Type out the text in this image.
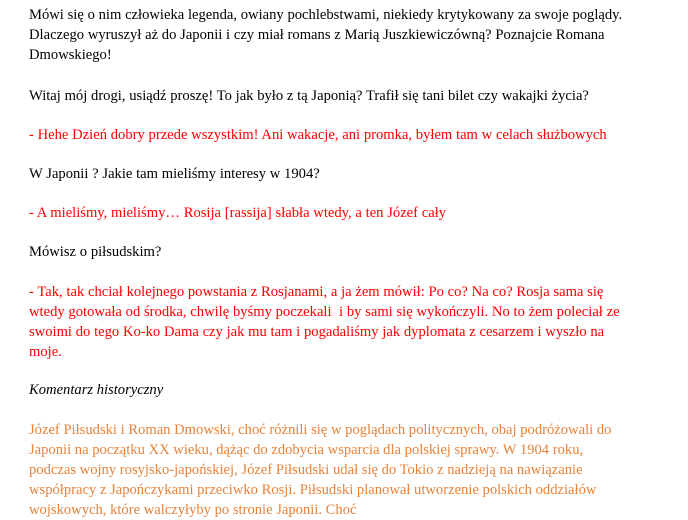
Mówi się o nim człowieka legenda, owiany pochlebstwami, niekiedy krytykowany za swoje poglądy. Dlaczego wyruszył aż do Japonii i czy miał romans z Marią Juszkiewiczówną? Poznajcie Romana Dmowskiego!

Witaj mój drogi, usiądź proszę! To jak było z tą Japonią? Trafił się tani bilet czy wakajki życia?

- Hehe Dzień dobry przede wszystkim! Ani wakacje, ani promka, byłem tam w celach służbowych

W Japonii ? Jakie tam mieliśmy interesy w 1904?

- A mieliśmy, mieliśmy… Rosija [rassija] słabła wtedy, a ten Józef cały

Mówisz o piłsudskim?

- Tak, tak chciał kolejnego powstania z Rosjanami, a ja żem mówił: Po co? Na co? Rosja sama się wtedy gotowała od środka, chwilę byśmy poczekali  i by sami się wykończyli. No to żem poleciał ze swoimi do tego Ko-ko Dama czy jak mu tam i pogadaliśmy jak dyplomata z cesarzem i wyszło na moje.

Komentarz historyczny

Józef Piłsudski i Roman Dmowski, choć różnili się w poglądach politycznych, obaj podróżowali do Japonii na początku XX wieku, dążąc do zdobycia wsparcia dla polskiej sprawy. W 1904 roku, podczas wojny rosyjsko-japońskiej, Józef Piłsudski udał się do Tokio z nadzieją na nawiązanie współpracy z Japończykami przeciwko Rosji. Piłsudski planował utworzenie polskich oddziałów wojskowych, które walczyłyby po stronie Japonii. Choć
